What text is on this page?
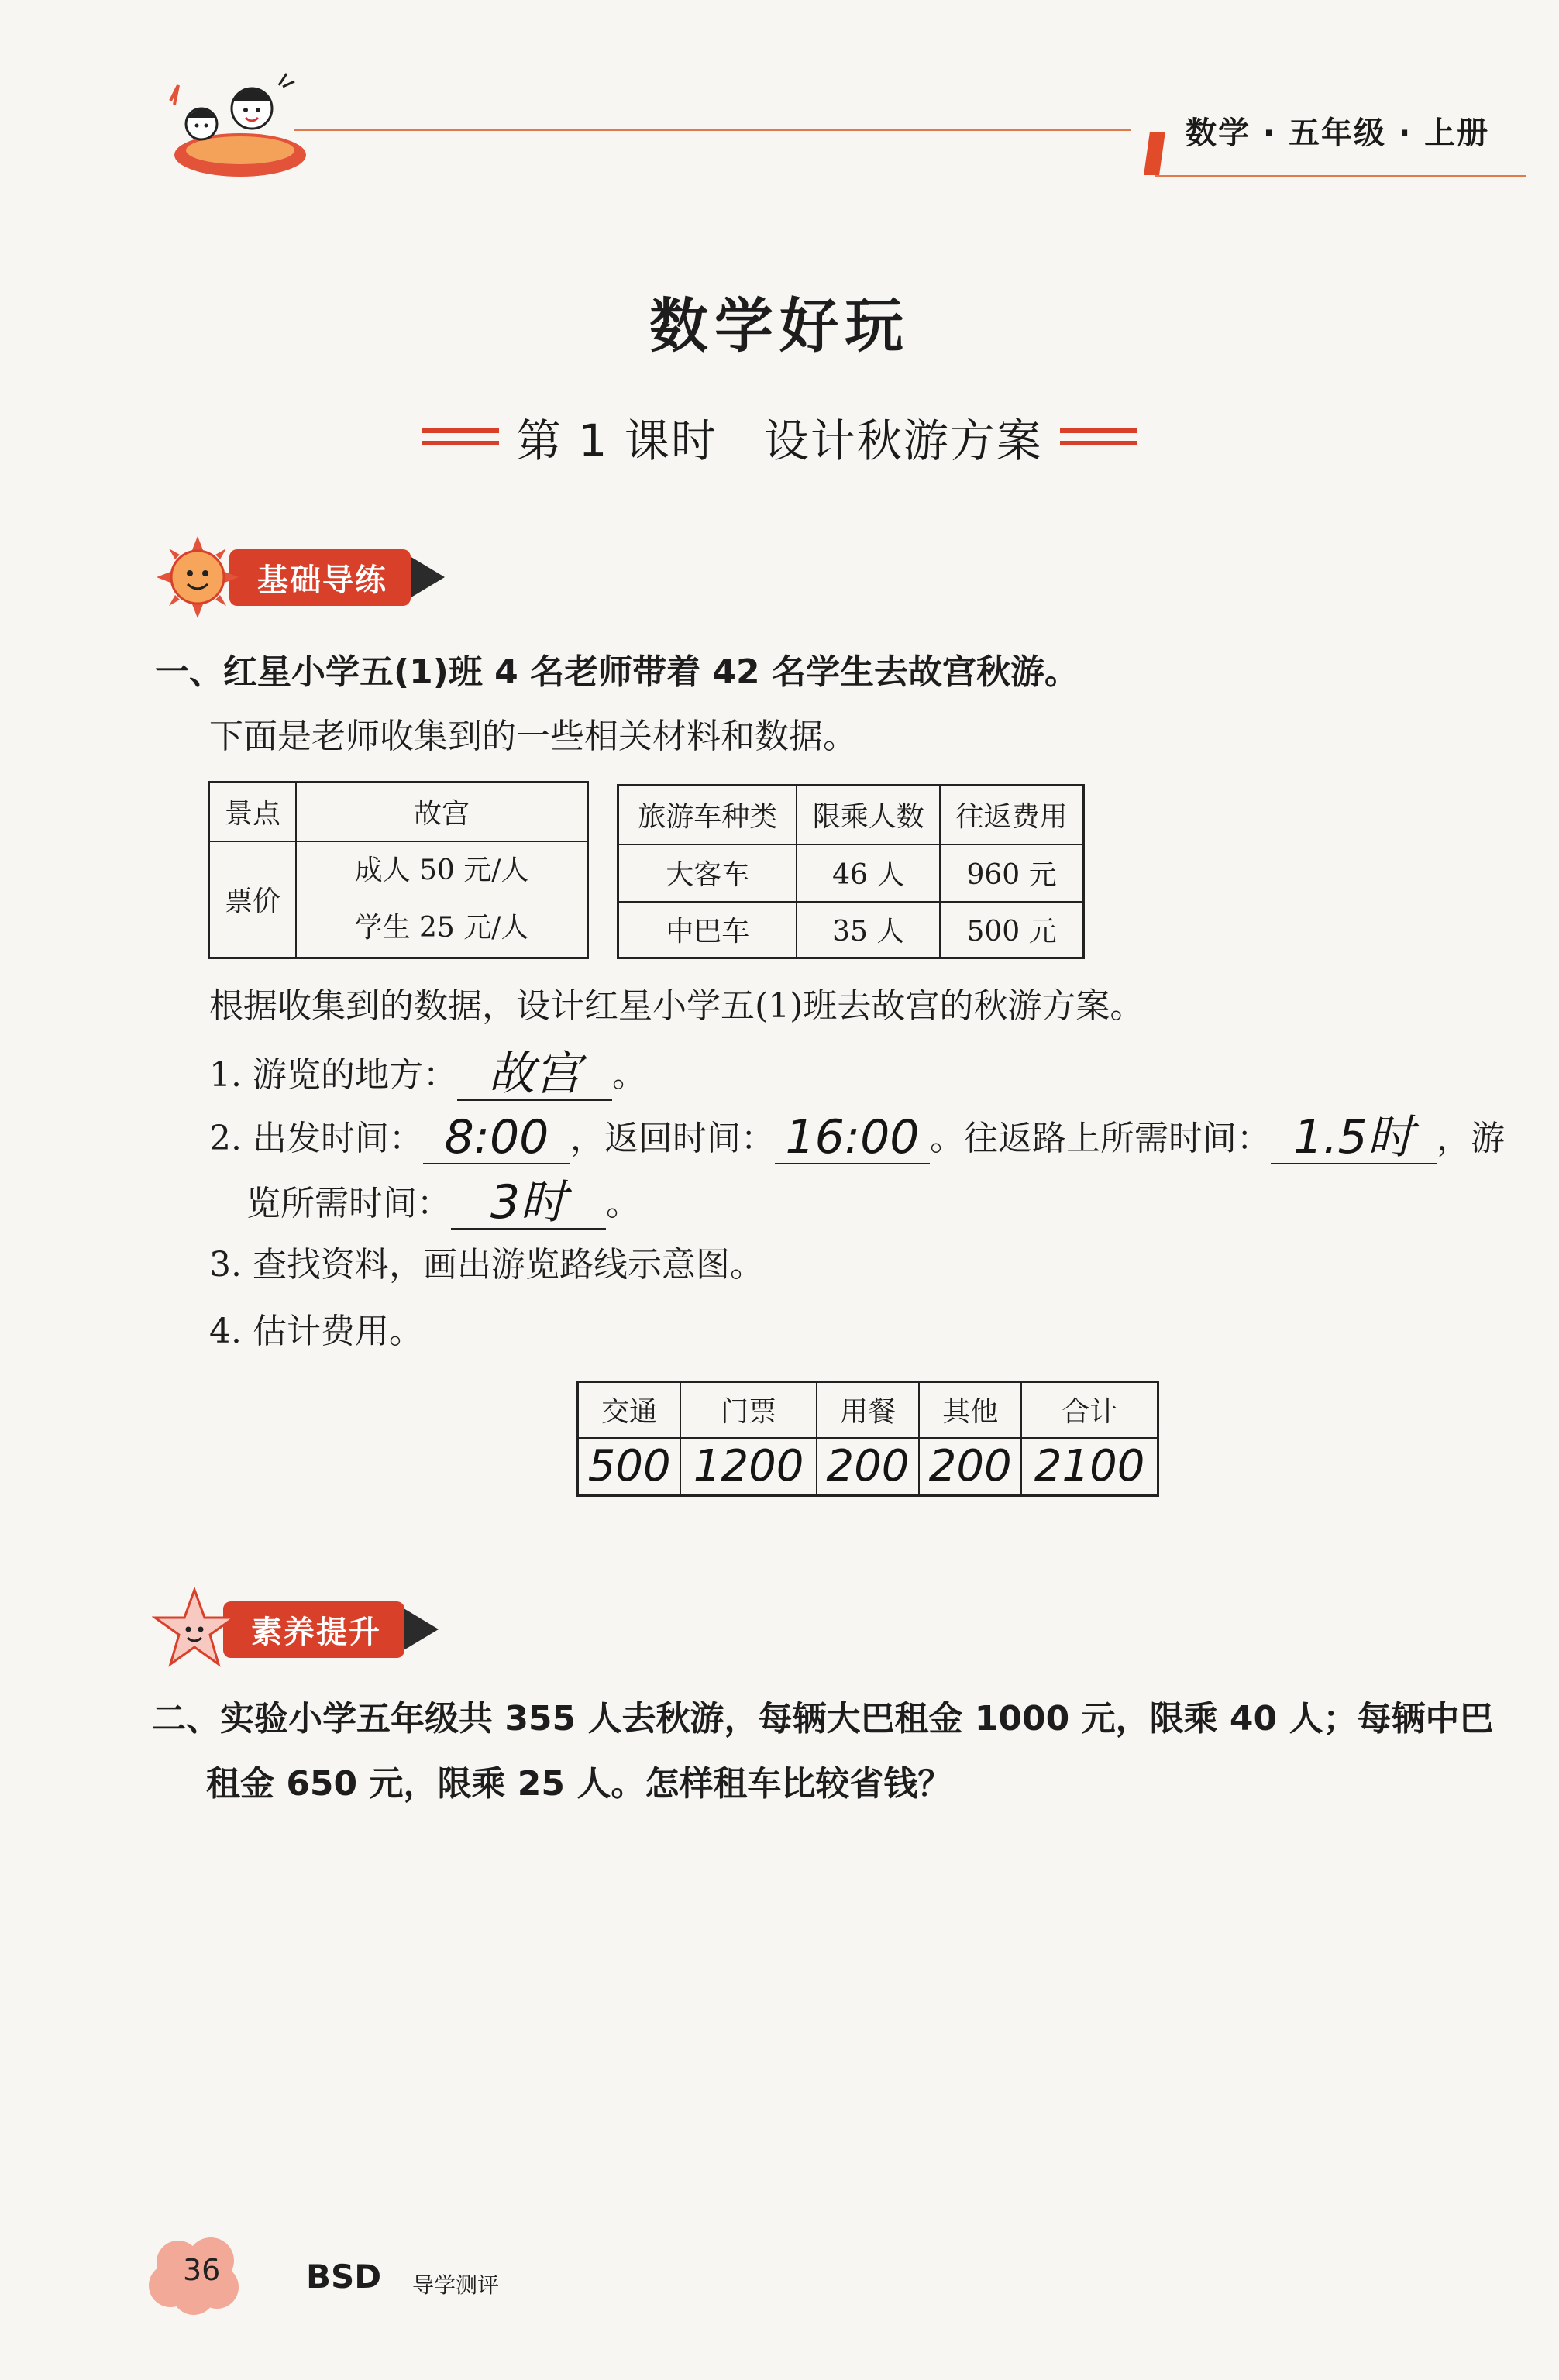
数学 · 五年级 · 上册
数学好玩
第 1 课时　设计秋游方案
基础导练
一、红星小学五(1)班 4 名老师带着 42 名学生去故宫秋游。
下面是老师收集到的一些相关材料和数据。
景点	故宫
票价	成人 50 元/人
学生 25 元/人
旅游车种类	限乘人数	往返费用
大客车	46 人	960 元
中巴车	35 人	500 元
根据收集到的数据，设计红星小学五(1)班去故宫的秋游方案。
1. 游览的地方： 故宫 。
2. 出发时间： 8:00 ，返回时间： 16:00 。往返路上所需时间： 1.5时 ，游
览所需时间： 3时 。
3. 查找资料，画出游览路线示意图。
4. 估计费用。
交通	门票	用餐	其他	合计
500	1200	200	200	2100
素养提升
二、实验小学五年级共 355 人去秋游，每辆大巴租金 1000 元，限乘 40 人；每辆中巴
租金 650 元，限乘 25 人。怎样租车比较省钱？
36	BSD 导学测评
